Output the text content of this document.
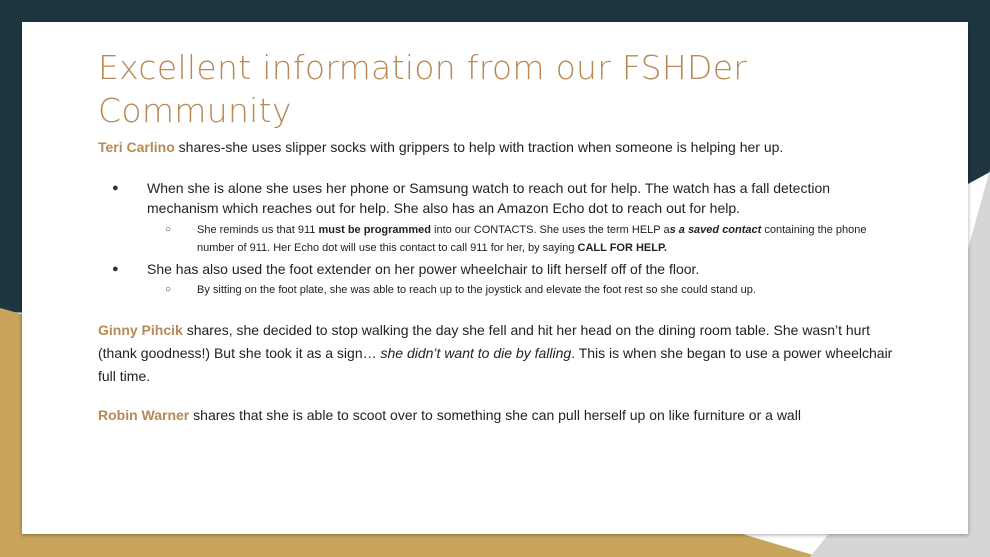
Excellent information from our FSHDer Community
Teri Carlino shares-she uses slipper socks with grippers to help with traction when someone is helping her up.
● When she is alone she uses her phone or Samsung watch to reach out for help. The watch has a fall detection mechanism which reaches out for help. She also has an Amazon Echo dot to reach out for help.
○ She reminds us that 911 must be programmed into our CONTACTS. She uses the term HELP as a saved contact containing the phone number of 911. Her Echo dot will use this contact to call 911 for her, by saying CALL FOR HELP.
● She has also used the foot extender on her power wheelchair to lift herself off of the floor.
○ By sitting on the foot plate, she was able to reach up to the joystick and elevate the foot rest so she could stand up.
Ginny Pihcik shares, she decided to stop walking the day she fell and hit her head on the dining room table. She wasn’t hurt (thank goodness!) But she took it as a sign… she didn’t want to die by falling. This is when she began to use a power wheelchair full time.
Robin Warner shares that she is able to scoot over to something she can pull herself up on like furniture or a wall
